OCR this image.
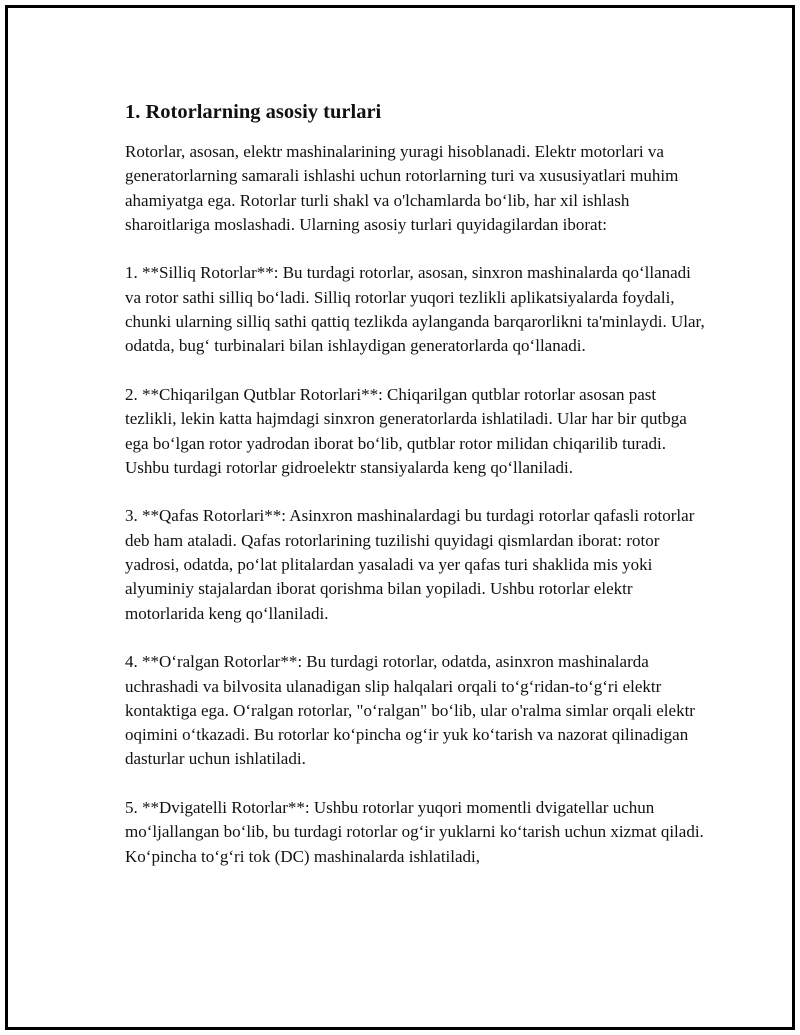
1. Rotorlarning asosiy turlari

Rotorlar, asosan, elektr mashinalarining yuragi hisoblanadi. Elektr motorlari va generatorlarning samarali ishlashi uchun rotorlarning turi va xususiyatlari muhim ahamiyatga ega. Rotorlar turli shakl va o'lchamlarda bo‘lib, har xil ishlash sharoitlariga moslashadi. Ularning asosiy turlari quyidagilardan iborat:

1. **Silliq Rotorlar**: Bu turdagi rotorlar, asosan, sinxron mashinalarda qo‘llanadi va rotor sathi silliq bo‘ladi. Silliq rotorlar yuqori tezlikli aplikatsiyalarda foydali, chunki ularning silliq sathi qattiq tezlikda aylanganda barqarorlikni ta'minlaydi. Ular, odatda, bug‘ turbinalari bilan ishlaydigan generatorlarda qo‘llanadi.

2. **Chiqarilgan Qutblar Rotorlari**: Chiqarilgan qutblar rotorlar asosan past tezlikli, lekin katta hajmdagi sinxron generatorlarda ishlatiladi. Ular har bir qutbga ega bo‘lgan rotor yadrodan iborat bo‘lib, qutblar rotor milidan chiqarilib turadi. Ushbu turdagi rotorlar gidroelektr stansiyalarda keng qo‘llaniladi.

3. **Qafas Rotorlari**: Asinxron mashinalardagi bu turdagi rotorlar qafasli rotorlar deb ham ataladi. Qafas rotorlarining tuzilishi quyidagi qismlardan iborat: rotor yadrosi, odatda, po‘lat plitalardan yasaladi va yer qafas turi shaklida mis yoki alyuminiy stajalardan iborat qorishma bilan yopiladi. Ushbu rotorlar elektr motorlarida keng qo‘llaniladi.

4. **O‘ralgan Rotorlar**: Bu turdagi rotorlar, odatda, asinxron mashinalarda uchrashadi va bilvosita ulanadigan slip halqalari orqali to‘g‘ridan-to‘g‘ri elektr kontaktiga ega. O‘ralgan rotorlar, "o‘ralgan" bo‘lib, ular o'ralma simlar orqali elektr oqimini o‘tkazadi. Bu rotorlar ko‘pincha og‘ir yuk ko‘tarish va nazorat qilinadigan dasturlar uchun ishlatiladi.

5. **Dvigatelli Rotorlar**: Ushbu rotorlar yuqori momentli dvigatellar uchun mo‘ljallangan bo‘lib, bu turdagi rotorlar og‘ir yuklarni ko‘tarish uchun xizmat qiladi. Ko‘pincha to‘g‘ri tok (DC) mashinalarda ishlatiladi,
